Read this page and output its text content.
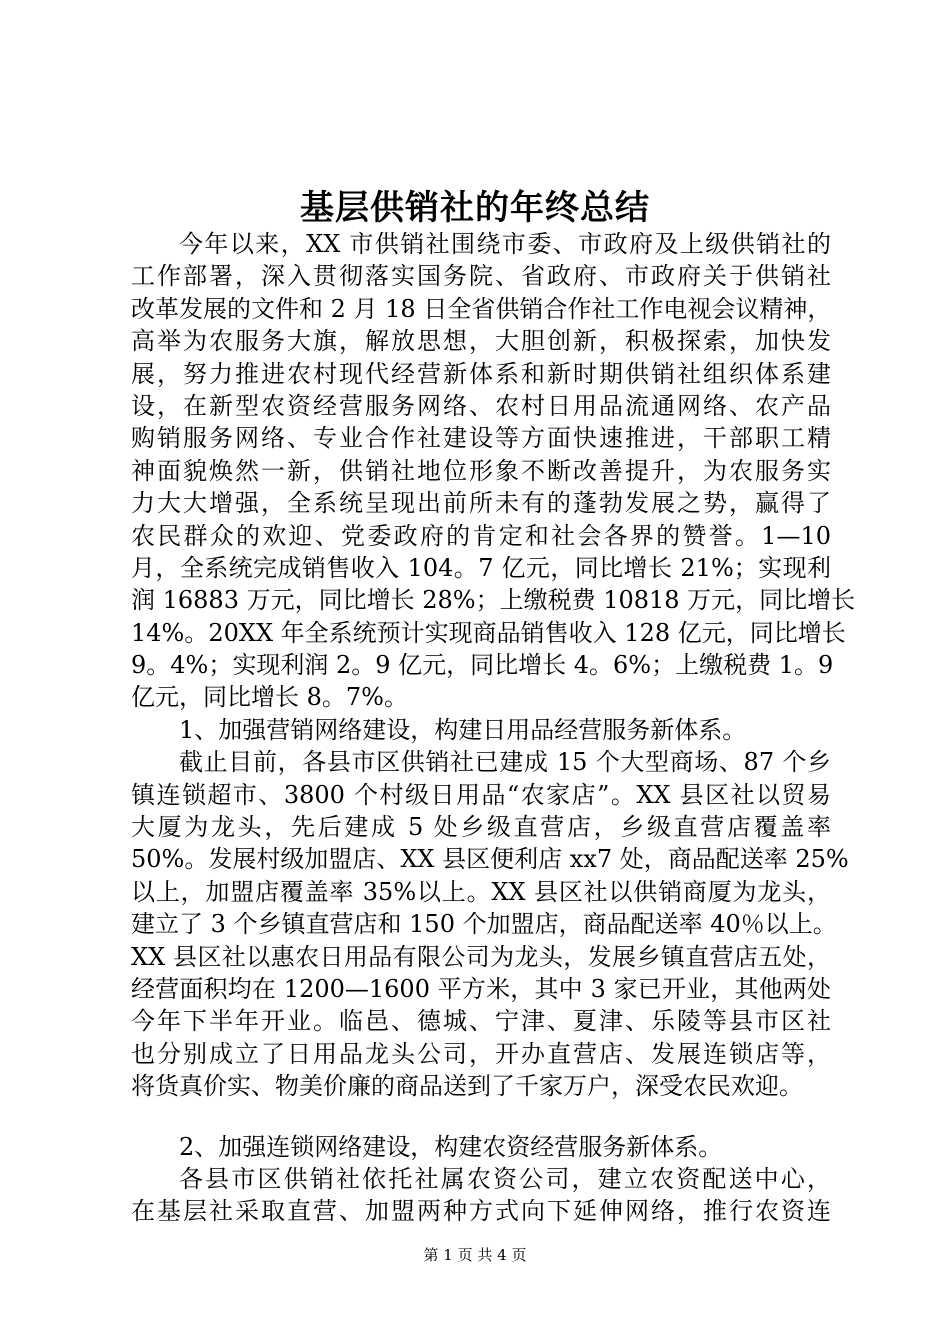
基层供销社的年终总结
今年以来，XX 市供销社围绕市委、市政府及上级供销社的
工作部署，深入贯彻落实国务院、省政府、市政府关于供销社
改革发展的文件和 2 月 18 日全省供销合作社工作电视会议精神，
高举为农服务大旗，解放思想，大胆创新，积极探索，加快发
展，努力推进农村现代经营新体系和新时期供销社组织体系建
设，在新型农资经营服务网络、农村日用品流通网络、农产品
购销服务网络、专业合作社建设等方面快速推进，干部职工精
神面貌焕然一新，供销社地位形象不断改善提升，为农服务实
力大大增强，全系统呈现出前所未有的蓬勃发展之势，赢得了
农民群众的欢迎、党委政府的肯定和社会各界的赞誉。1—10
月，全系统完成销售收入 104。7 亿元，同比增长 21%；实现利
润 16883 万元，同比增长 28%；上缴税费 10818 万元，同比增长
14%。20XX 年全系统预计实现商品销售收入 128 亿元，同比增长
9。4%；实现利润 2。9 亿元，同比增长 4。6%；上缴税费 1。9
亿元，同比增长 8。7%。
1、加强营销网络建设，构建日用品经营服务新体系。
截止目前，各县市区供销社已建成 15 个大型商场、87 个乡
镇连锁超市、3800 个村级日用品“农家店”。XX 县区社以贸易
大厦为龙头，先后建成 5 处乡级直营店，乡级直营店覆盖率
50%。发展村级加盟店、XX 县区便利店 xx7 处，商品配送率 25%
以上，加盟店覆盖率 35%以上。XX 县区社以供销商厦为龙头，
建立了 3 个乡镇直营店和 150 个加盟店，商品配送率 40％以上。
XX 县区社以惠农日用品有限公司为龙头，发展乡镇直营店五处，
经营面积均在 1200—1600 平方米，其中 3 家已开业，其他两处
今年下半年开业。临邑、德城、宁津、夏津、乐陵等县市区社
也分别成立了日用品龙头公司，开办直营店、发展连锁店等，
将货真价实、物美价廉的商品送到了千家万户，深受农民欢迎。
2、加强连锁网络建设，构建农资经营服务新体系。
各县市区供销社依托社属农资公司，建立农资配送中心，
在基层社采取直营、加盟两种方式向下延伸网络，推行农资连
第 1 页 共 4 页
